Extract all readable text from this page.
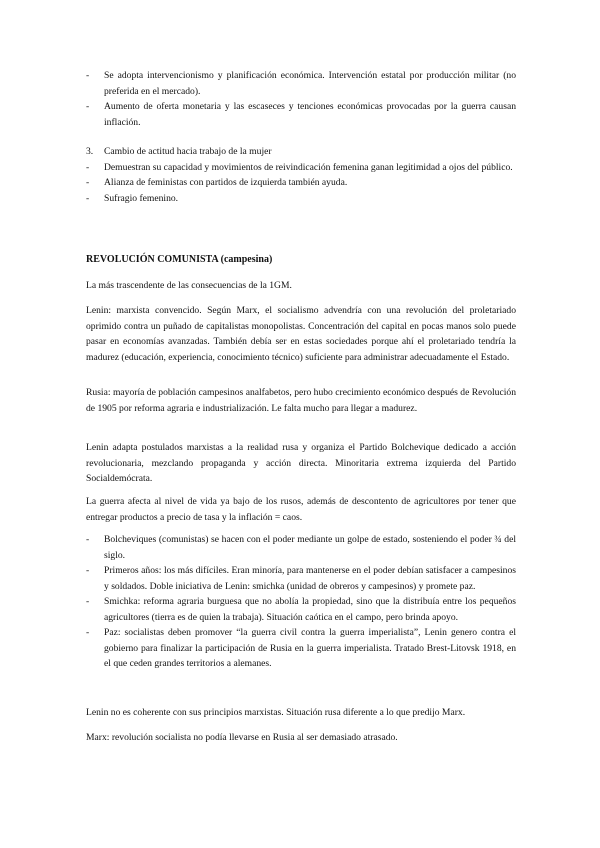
- Se adopta intervencionismo y planificación económica. Intervención estatal por producción militar (no preferida en el mercado).
- Aumento de oferta monetaria y las escaseces y tenciones económicas provocadas por la guerra causan inflación.
3. Cambio de actitud hacia trabajo de la mujer
- Demuestran su capacidad y movimientos de reivindicación femenina ganan legitimidad a ojos del público.
- Alianza de feministas con partidos de izquierda también ayuda.
- Sufragio femenino.
REVOLUCIÓN COMUNISTA (campesina)

La más trascendente de las consecuencias de la 1GM.

Lenin: marxista convencido. Según Marx, el socialismo advendría con una revolución del proletariado oprimido contra un puñado de capitalistas monopolistas. Concentración del capital en pocas manos solo puede pasar en economías avanzadas. También debía ser en estas sociedades porque ahí el proletariado tendría la madurez (educación, experiencia, conocimiento técnico) suficiente para administrar adecuadamente el Estado.

Rusia: mayoría de población campesinos analfabetos, pero hubo crecimiento económico después de Revolución de 1905 por reforma agraria e industrialización. Le falta mucho para llegar a madurez.

Lenin adapta postulados marxistas a la realidad rusa y organiza el Partido Bolchevique dedicado a acción revolucionaria, mezclando propaganda y acción directa. Minoritaria extrema izquierda del Partido Socialdemócrata.

La guerra afecta al nivel de vida ya bajo de los rusos, además de descontento de agricultores por tener que entregar productos a precio de tasa y la inflación = caos.

- Bolcheviques (comunistas) se hacen con el poder mediante un golpe de estado, sosteniendo el poder ¾ del siglo.
- Primeros años: los más difíciles. Eran minoría, para mantenerse en el poder debían satisfacer a campesinos y soldados. Doble iniciativa de Lenin: smichka (unidad de obreros y campesinos) y promete paz.
- Smichka: reforma agraria burguesa que no abolía la propiedad, sino que la distribuía entre los pequeños agricultores (tierra es de quien la trabaja). Situación caótica en el campo, pero brinda apoyo.
- Paz: socialistas deben promover “la guerra civil contra la guerra imperialista”, Lenin genero contra el gobierno para finalizar la participación de Rusia en la guerra imperialista. Tratado Brest-Litovsk 1918, en el que ceden grandes territorios a alemanes.

Lenin no es coherente con sus principios marxistas. Situación rusa diferente a lo que predijo Marx.

Marx: revolución socialista no podía llevarse en Rusia al ser demasiado atrasado.
